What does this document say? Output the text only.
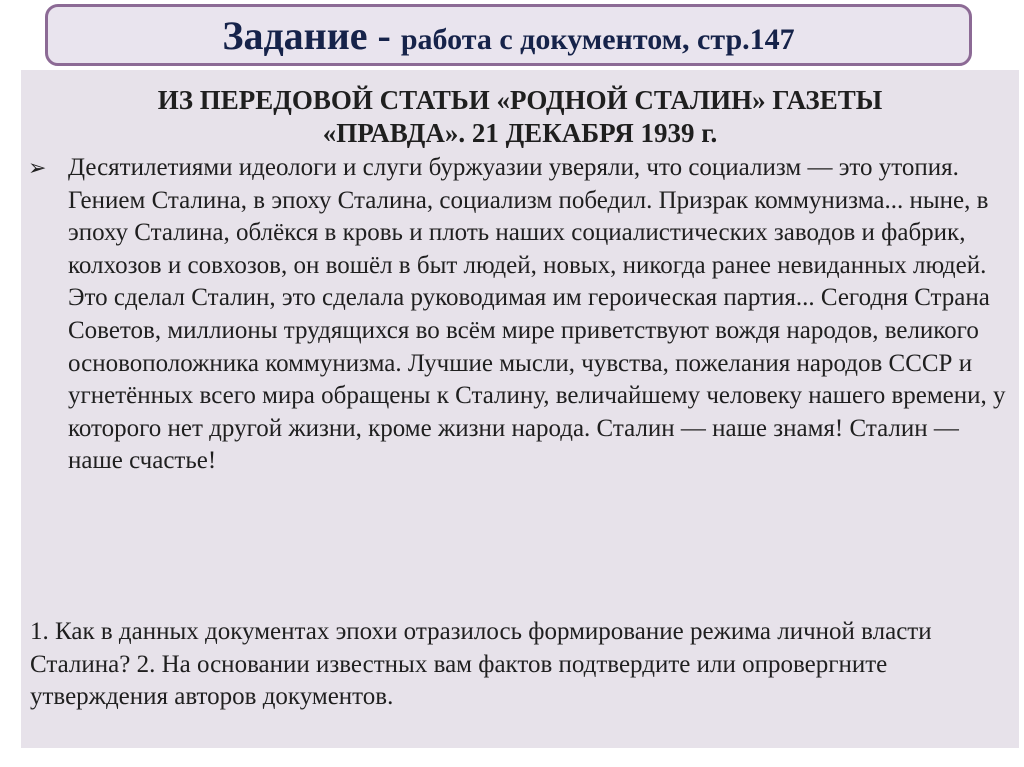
Задание - работа с документом, стр.147
ИЗ ПЕРЕДОВОЙ СТАТЬИ «РОДНОЙ СТАЛИН» ГАЗЕТЫ
«ПРАВДА». 21 ДЕКАБРЯ 1939 г.
➢ Десятилетиями идеологи и слуги буржуазии уверяли, что социализм — это утопия. Гением Сталина, в эпоху Сталина, социализм победил. Призрак коммунизма... ныне, в эпоху Сталина, облёкся в кровь и плоть наших социалистических заводов и фабрик, колхозов и совхозов, он вошёл в быт людей, новых, никогда ранее невиданных людей. Это сделал Сталин, это сделала руководимая им героическая партия... Сегодня Страна Советов, миллионы трудящихся во всём мире приветствуют вождя народов, великого основоположника коммунизма. Лучшие мысли, чувства, пожелания народов СССР и угнетённых всего мира обращены к Сталину, величайшему человеку нашего времени, у которого нет другой жизни, кроме жизни народа. Сталин — наше знамя! Сталин — наше счастье!
1. Как в данных документах эпохи отразилось формирование режима личной власти Сталина? 2. На основании известных вам фактов подтвердите или опровергните утверждения авторов документов.
